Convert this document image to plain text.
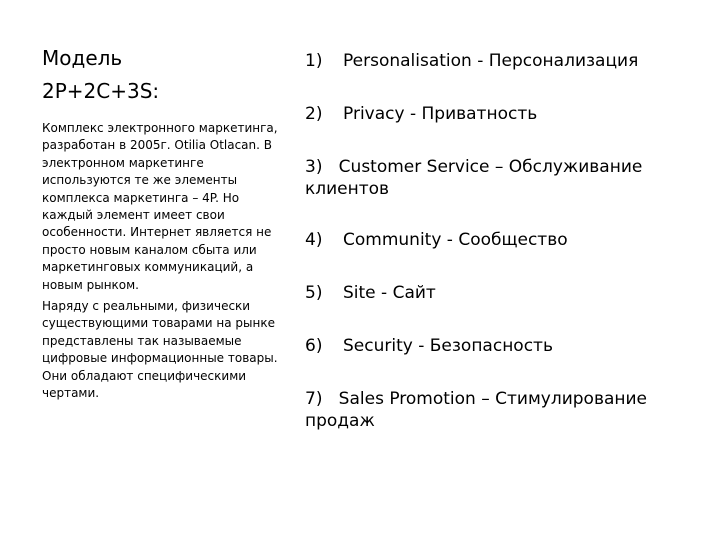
Модель
2P+2C+3S:

Комплекс электронного маркетинга, разработан в 2005г. Otilia Otlacan. В электронном маркетинге используются те же элементы комплекса маркетинга – 4P. Но каждый элемент имеет свои особенности. Интернет является не просто новым каналом сбыта или маркетинговых коммуникаций, а новым рынком.

Наряду с реальными, физически существующими товарами на рынке представлены так называемые цифровые информационные товары. Они обладают специфическими чертами.

1) Personalisation - Персонализация
2) Privacy - Приватность
3) Customer Service – Обслуживание клиентов
4) Community - Сообщество
5) Site - Сайт
6) Security - Безопасность
7) Sales Promotion – Стимулирование продаж
